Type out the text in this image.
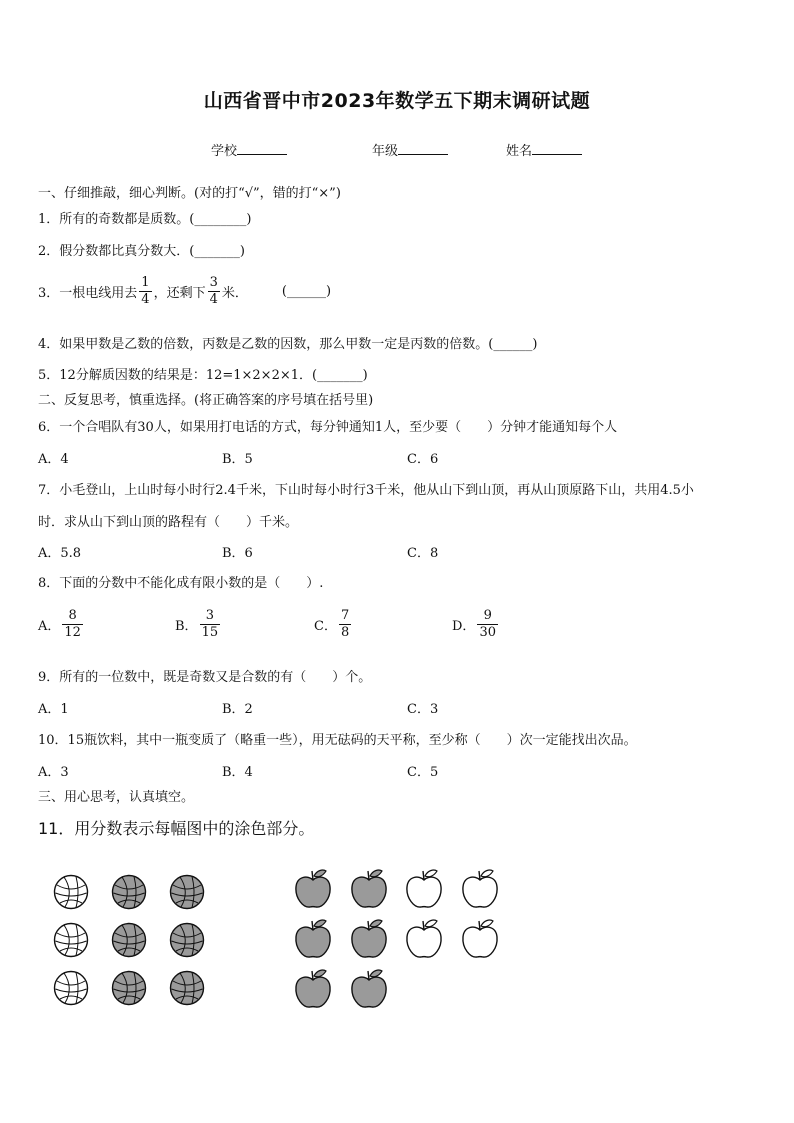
山西省晋中市2023年数学五下期末调研试题
学校	年级	姓名
一、仔细推敲，细心判断。(对的打“√”，错的打“×”)
1．所有的奇数都是质数。(________)
2．假分数都比真分数大．(_______)
3．一根电线用去 $\frac{1}{4}$ ，还剩下 $\frac{3}{4}$ 米．	(______)
4．如果甲数是乙数的倍数，丙数是乙数的因数，那么甲数一定是丙数的倍数。(______)
5．12分解质因数的结果是：12=1×2×2×1．(_______)
二、反复思考，慎重选择。(将正确答案的序号填在括号里)
6．一个合唱队有30人，如果用打电话的方式，每分钟通知1人，至少要（　　）分钟才能通知每个人
A．4	B．5	C．6
7．小毛登山，上山时每小时行2.4千米，下山时每小时行3千米，他从山下到山顶，再从山顶原路下山，共用4.5小
时．求从山下到山顶的路程有（　　）千米。
A．5.8	B．6	C．8
8．下面的分数中不能化成有限小数的是（　　）.
A． $\frac{8}{12}$	B． $\frac{3}{15}$	C． $\frac{7}{8}$	D． $\frac{9}{30}$
9．所有的一位数中，既是奇数又是合数的有（　　）个。
A．1	B．2	C．3
10．15瓶饮料，其中一瓶变质了（略重一些），用无砝码的天平称，至少称（　　）次一定能找出次品。
A．3	B．4	C．5
三、用心思考，认真填空。
11．用分数表示每幅图中的涂色部分。
